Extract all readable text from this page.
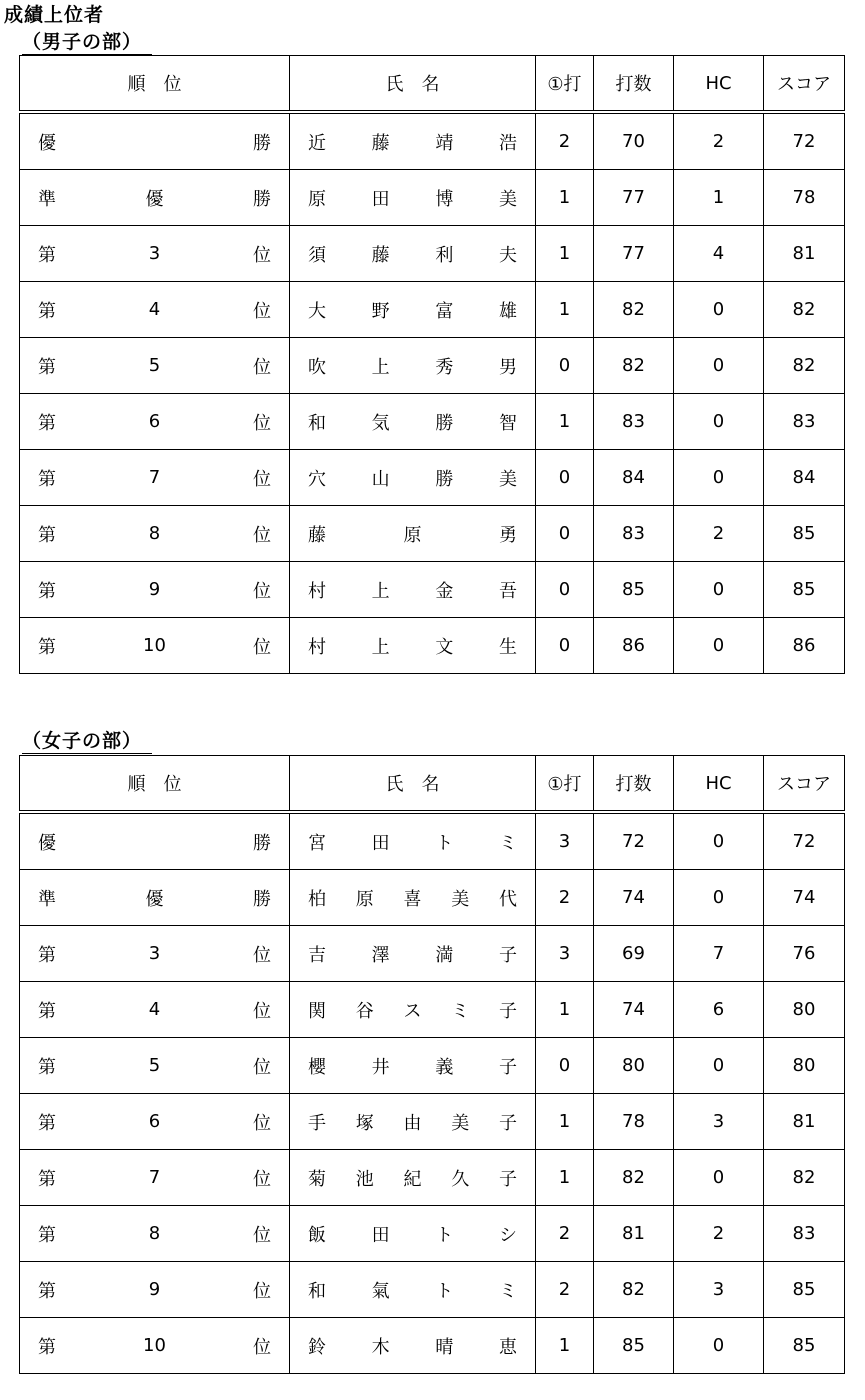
成績上位者
（男子の部）
順　位	氏　名	①打	打数	HC	スコア

優 勝	近 藤 靖 浩	2	70	2	72

準 優 勝	原 田 博 美	1	77	1	78

第 3 位	須 藤 利 夫	1	77	4	81

第 4 位	大 野 富 雄	1	82	0	82

第 5 位	吹 上 秀 男	0	82	0	82

第 6 位	和 気 勝 智	1	83	0	83

第 7 位	穴 山 勝 美	0	84	0	84

第 8 位	藤 原 勇	0	83	2	85

第 9 位	村 上 金 吾	0	85	0	85

第 10 位	村 上 文 生	0	86	0	86
（女子の部）
順　位	氏　名	①打	打数	HC	スコア

優 勝	宮 田 ト ミ	3	72	0	72

準 優 勝	柏 原 喜 美 代	2	74	0	74

第 3 位	吉 澤 満 子	3	69	7	76

第 4 位	関 谷 ス ミ 子	1	74	6	80

第 5 位	櫻 井 義 子	0	80	0	80

第 6 位	手 塚 由 美 子	1	78	3	81

第 7 位	菊 池 紀 久 子	1	82	0	82

第 8 位	飯 田 ト シ	2	81	2	83

第 9 位	和 氣 ト ミ	2	82	3	85

第 10 位	鈴 木 晴 恵	1	85	0	85
